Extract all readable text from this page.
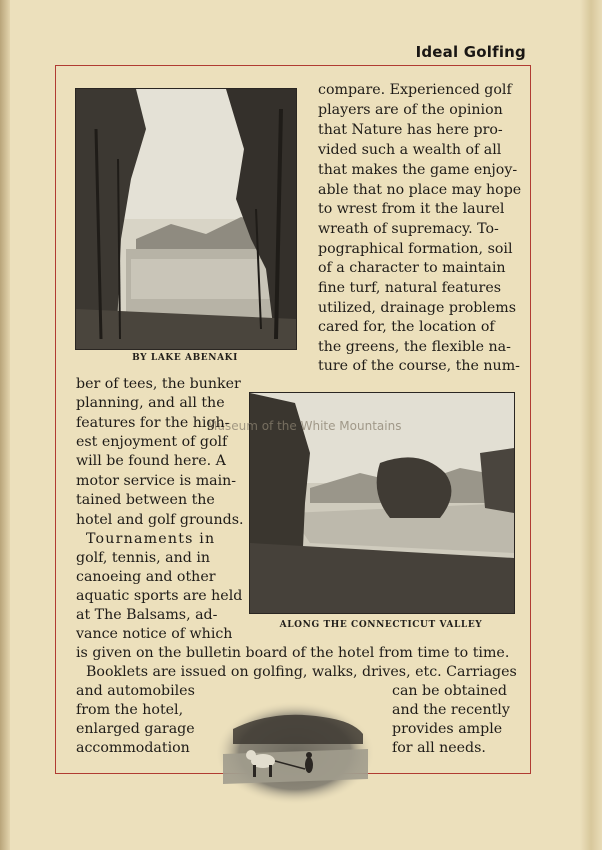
Ideal Golfing
BY LAKE ABENAKI
ALONG THE CONNECTICUT VALLEY
Museum of the White Mountains
compare. Experienced golf
players are of the opinion
that Nature has here pro-
vided such a wealth of all
that makes the game enjoy-
able that no place may hope
to wrest from it the laurel
wreath of supremacy. To-
pographical formation, soil
of a character to maintain
fine turf, natural features
utilized, drainage problems
cared for, the location of
the greens, the flexible na-
ture of the course, the num-
ber of tees, the bunker
planning, and all the
features for the high-
est enjoyment of golf
will be found here. A
motor service is main-
tained between the
hotel and golf grounds.
Tournaments in
golf, tennis, and in
canoeing and other
aquatic sports are held
at The Balsams, ad-
vance notice of which
is given on the bulletin board of the hotel from time to time.
Booklets are issued on golfing, walks, drives, etc. Carriages
and automobiles	can be obtained
from the hotel,	and the recently
enlarged garage	provides ample
accommodation	for all needs.
